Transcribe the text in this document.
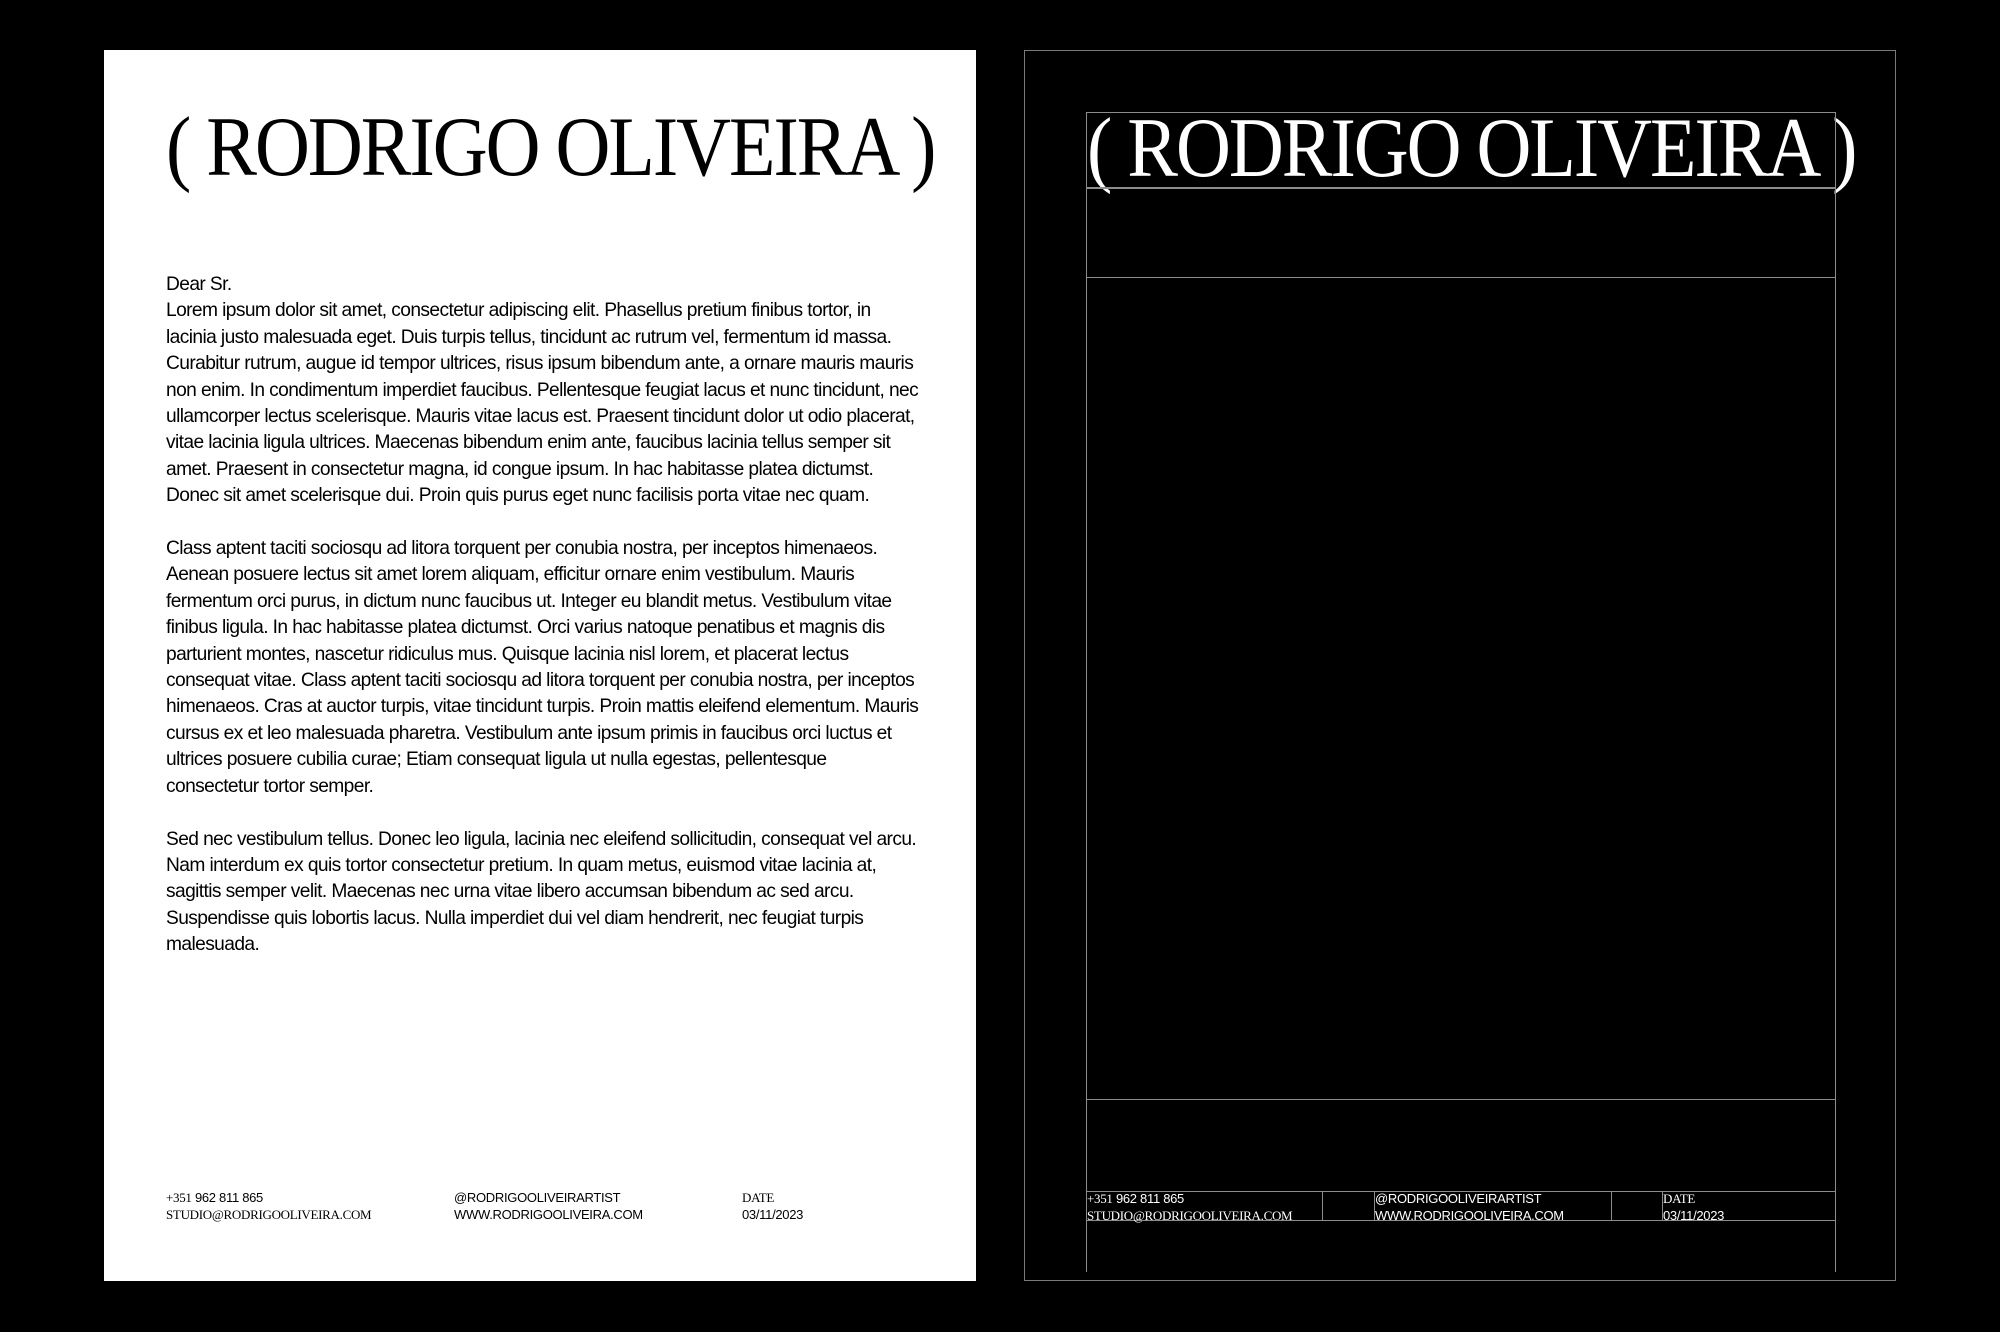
( RODRIGO OLIVEIRA )

Dear Sr.

Lorem ipsum dolor sit amet, consectetur adipiscing elit. Phasellus pretium finibus tortor, in lacinia justo malesuada eget. Duis turpis tellus, tincidunt ac rutrum vel, fermentum id massa. Curabitur rutrum, augue id tempor ultrices, risus ipsum bibendum ante, a ornare mauris mauris non enim. In condimentum imperdiet faucibus. Pellentesque feugiat lacus et nunc tincidunt, nec ullamcorper lectus scelerisque. Mauris vitae lacus est. Praesent tincidunt dolor ut odio placerat, vitae lacinia ligula ultrices. Maecenas bibendum enim ante, faucibus lacinia tellus semper sit amet. Praesent in consectetur magna, id congue ipsum. In hac habitasse platea dictumst. Donec sit amet scelerisque dui. Proin quis purus eget nunc facilisis porta vitae nec quam.

Class aptent taciti sociosqu ad litora torquent per conubia nostra, per inceptos himenaeos. Aenean posuere lectus sit amet lorem aliquam, efficitur ornare enim vestibulum. Mauris fermentum orci purus, in dictum nunc faucibus ut. Integer eu blandit metus. Vestibulum vitae finibus ligula. In hac habitasse platea dictumst. Orci varius natoque penatibus et magnis dis parturient montes, nascetur ridiculus mus. Quisque lacinia nisl lorem, et placerat lectus consequat vitae. Class aptent taciti sociosqu ad litora torquent per conubia nostra, per inceptos himenaeos. Cras at auctor turpis, vitae tincidunt turpis. Proin mattis eleifend elementum. Mauris cursus ex et leo malesuada pharetra. Vestibulum ante ipsum primis in faucibus orci luctus et ultrices posuere cubilia curae; Etiam consequat ligula ut nulla egestas, pellentesque consectetur tortor semper.

Sed nec vestibulum tellus. Donec leo ligula, lacinia nec eleifend sollicitudin, consequat vel arcu. Nam interdum ex quis tortor consectetur pretium. In quam metus, euismod vitae lacinia at, sagittis semper velit. Maecenas nec urna vitae libero accumsan bibendum ac sed arcu. Suspendisse quis lobortis lacus. Nulla imperdiet dui vel diam hendrerit, nec feugiat turpis malesuada.

+351 962 811 865
STUDIO@RODRIGOOLIVEIRA.COM
@RODRIGOOLIVEIRARTIST
WWW.RODRIGOOLIVEIRA.COM
DATE
03/11/2023
( RODRIGO OLIVEIRA )
+351 962 811 865
STUDIO@RODRIGOOLIVEIRA.COM
@RODRIGOOLIVEIRARTIST
WWW.RODRIGOOLIVEIRA.COM
DATE
03/11/2023
